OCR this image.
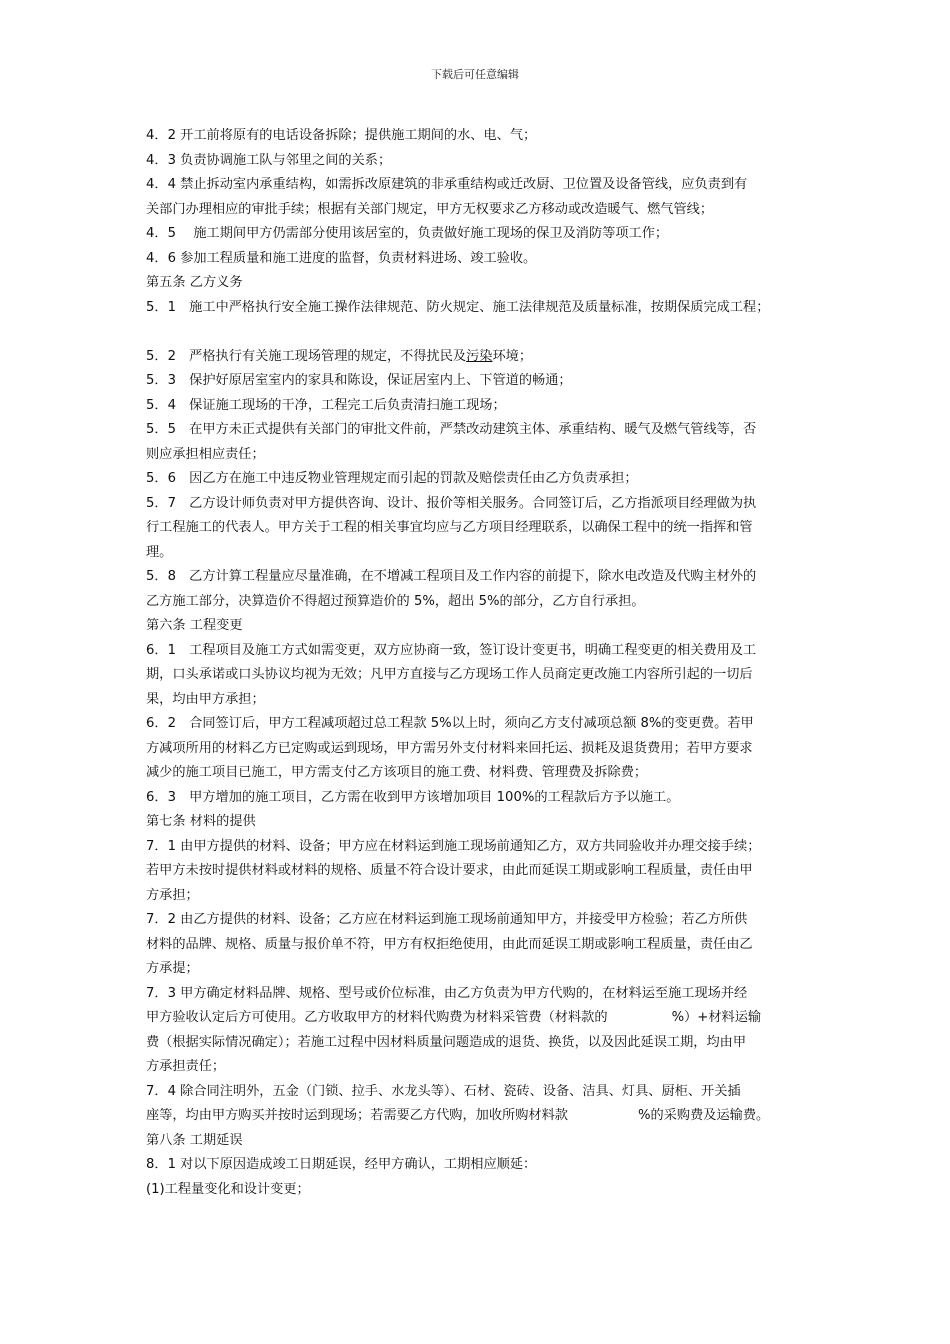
下载后可任意编辑
4．2 开工前将原有的电话设备拆除；提供施工期间的水、电、气；
4．3 负责协调施工队与邻里之间的关系；
4．4 禁止拆动室内承重结构，如需拆改原建筑的非承重结构或迁改厨、卫位置及设备管线，应负责到有
关部门办理相应的审批手续；根据有关部门规定，甲方无权要求乙方移动或改造暖气、燃气管线；
4．5　 施工期间甲方仍需部分使用该居室的，负责做好施工现场的保卫及消防等项工作；
4．6 参加工程质量和施工进度的监督，负责材料进场、竣工验收。
第五条 乙方义务
5．1　施工中严格执行安全施工操作法律规范、防火规定、施工法律规范及质量标准，按期保质完成工程；
5．2　严格执行有关施工现场管理的规定，不得扰民及污染环境；
5．3　保护好原居室室内的家具和陈设，保证居室内上、下管道的畅通；
5．4　保证施工现场的干净，工程完工后负责清扫施工现场；
5．5　在甲方未正式提供有关部门的审批文件前，严禁改动建筑主体、承重结构、暖气及燃气管线等，否
则应承担相应责任；
5．6　因乙方在施工中违反物业管理规定而引起的罚款及赔偿责任由乙方负责承担；
5．7　乙方设计师负责对甲方提供咨询、设计、报价等相关服务。合同签订后，乙方指派项目经理做为执
行工程施工的代表人。甲方关于工程的相关事宜均应与乙方项目经理联系，以确保工程中的统一指挥和管
理。
5．8　乙方计算工程量应尽量准确，在不增减工程项目及工作内容的前提下，除水电改造及代购主材外的
乙方施工部分，决算造价不得超过预算造价的 5%，超出 5%的部分，乙方自行承担。
第六条 工程变更
6．1　工程项目及施工方式如需变更，双方应协商一致，签订设计变更书，明确工程变更的相关费用及工
期，口头承诺或口头协议均视为无效；凡甲方直接与乙方现场工作人员商定更改施工内容所引起的一切后
果，均由甲方承担；
6．2　合同签订后，甲方工程减项超过总工程款 5%以上时，须向乙方支付减项总额 8%的变更费。若甲
方减项所用的材料乙方已定购或运到现场，甲方需另外支付材料来回托运、损耗及退货费用；若甲方要求
减少的施工项目已施工，甲方需支付乙方该项目的施工费、材料费、管理费及拆除费；
6．3　甲方增加的施工项目，乙方需在收到甲方该增加项目 100%的工程款后方予以施工。
第七条 材料的提供
7．1 由甲方提供的材料、设备；甲方应在材料运到施工现场前通知乙方，双方共同验收并办理交接手续；
若甲方未按时提供材料或材料的规格、质量不符合设计要求，由此而延误工期或影响工程质量，责任由甲
方承担；
7．2 由乙方提供的材料、设备；乙方应在材料运到施工现场前通知甲方，并接受甲方检验；若乙方所供
材料的品牌、规格、质量与报价单不符，甲方有权拒绝使用，由此而延误工期或影响工程质量，责任由乙
方承提；
7．3 甲方确定材料品牌、规格、型号或价位标准，由乙方负责为甲方代购的，在材料运至施工现场并经
甲方验收认定后方可使用。乙方收取甲方的材料代购费为材料采管费（材料款的	%）+材料运输
费（根据实际情况确定）；若施工过程中因材料质量问题造成的退货、换货，以及因此延误工期，均由甲
方承担责任；
7．4 除合同注明外，五金（门锁、拉手、水龙头等）、石材、瓷砖、设备、洁具、灯具、厨柜、开关插
座等，均由甲方购买并按时运到现场；若需要乙方代购，加收所购材料款	%的采购费及运输费。
第八条 工期延误
8．1 对以下原因造成竣工日期延误，经甲方确认，工期相应顺延：
(1)工程量变化和设计变更；
